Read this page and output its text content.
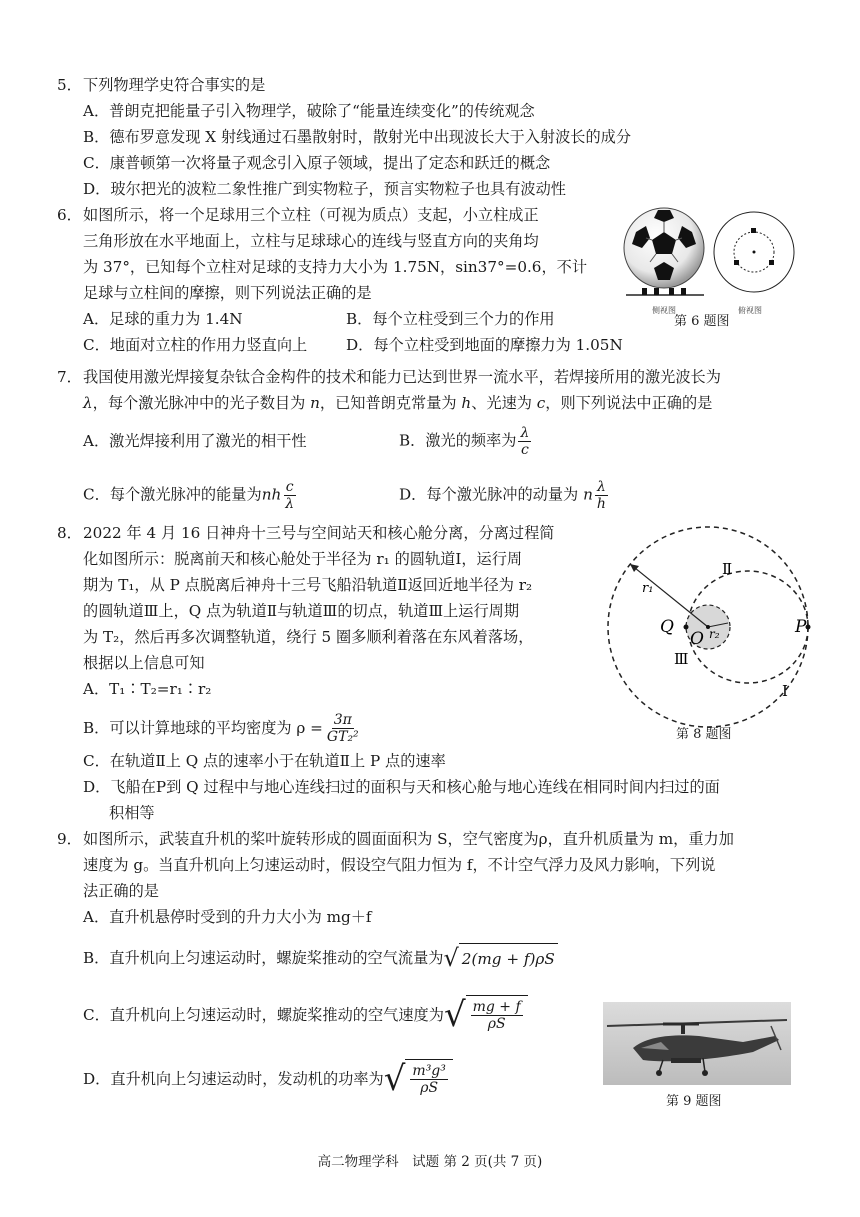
5．下列物理学史符合事实的是
A．普朗克把能量子引入物理学，破除了“能量连续变化”的传统观念
B．德布罗意发现 X 射线通过石墨散射时，散射光中出现波长大于入射波长的成分
C．康普顿第一次将量子观念引入原子领域，提出了定态和跃迁的概念
D．玻尔把光的波粒二象性推广到实物粒子，预言实物粒子也具有波动性
6．如图所示，将一个足球用三个立柱（可视为质点）支起，小立柱成正
三角形放在水平地面上，立柱与足球球心的连线与竖直方向的夹角均
为 37°，已知每个立柱对足球的支持力大小为 1.75N，sin37°=0.6，不计
足球与立柱间的摩擦，则下列说法正确的是
A．足球的重力为 1.4N	B．每个立柱受到三个力的作用
C．地面对立柱的作用力竖直向上	D．每个立柱受到地面的摩擦力为 1.05N
侧视图	俯视图
第 6 题图
7．我国使用激光焊接复杂钛合金构件的技术和能力已达到世界一流水平，若焊接所用的激光波长为
λ，每个激光脉冲中的光子数目为 n，已知普朗克常量为 h、光速为 c，则下列说法中正确的是
A．激光焊接利用了激光的相干性	B．激光的频率为 $\frac{\lambda}{c}$
C．每个激光脉冲的能量为nh $\frac{c}{\lambda}$	D．每个激光脉冲的动量为 n $\frac{\lambda}{h}$
8．2022 年 4 月 16 日神舟十三号与空间站天和核心舱分离，分离过程简
化如图所示：脱离前天和核心舱处于半径为 r₁ 的圆轨道Ⅰ，运行周
期为 T₁，从 P 点脱离后神舟十三号飞船沿轨道Ⅱ返回近地半径为 r₂
的圆轨道Ⅲ上，Q 点为轨道Ⅱ与轨道Ⅲ的切点，轨道Ⅲ上运行周期
为 T₂，然后再多次调整轨道，绕行 5 圈多顺利着落在东风着落场，
根据以上信息可知
A．T₁∶T₂=r₁∶r₂
B．可以计算地球的平均密度为 $\rho = \frac{3\pi}{\text{GT₂²}}$
C．在轨道Ⅱ上 Q 点的速率小于在轨道Ⅱ上 P 点的速率
D．飞船在P到 Q 过程中与地心连线扫过的面积与天和核心舱与地心连线在相同时间内扫过的面
积相等
r₁
r₂
Q
O
P
Ⅱ
Ⅲ
Ⅰ
第 8 题图
9．如图所示，武装直升机的桨叶旋转形成的圆面面积为 S，空气密度为ρ，直升机质量为 m，重力加
速度为 g。当直升机向上匀速运动时，假设空气阻力恒为 f，不计空气浮力及风力影响，下列说
法正确的是
A．直升机悬停时受到的升力大小为 mg＋f
B．直升机向上匀速运动时，螺旋桨推动的空气流量为 √ 2(mg + f)ρS
C．直升机向上匀速运动时，螺旋桨推动的空气速度为 √ $\frac{mg + f}{\rho S}$
D．直升机向上匀速运动时，发动机的功率为 √ $\frac{\text{m³g³}}{\rho S}$
第 9 题图
高二物理学科　试题 第 2 页(共 7 页)
